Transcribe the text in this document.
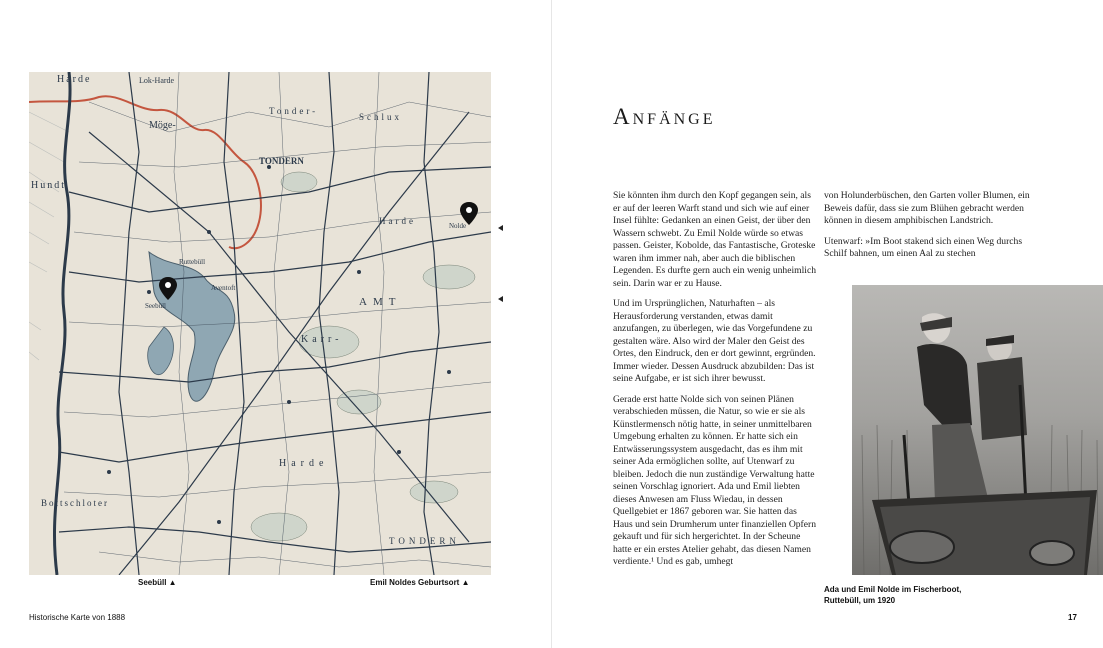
Harde	Lok-Harde
Möge-
Tonder-
Schlux
Hundt
TONDERN
Harde
AMT
Karr-
Harde
TONDERN
Bottschloter
Ruttebüll
Seebüll
Nolde
Aventoft
Seebüll ▲	Emil Noldes Geburtsort ▲
Historische Karte von 1888
Anfänge

Sie könnten ihm durch den Kopf gegangen sein, als er auf der leeren Warft stand und sich wie auf einer Insel fühlte: Gedanken an einen Geist, der über den Wassern schwebt. Zu Emil Nolde würde so etwas passen. Geister, Kobolde, das Fantastische, Groteske waren ihm immer nah, aber auch die biblischen Legenden. Es durfte gern auch ein wenig unheimlich sein. Darin war er zu Hause.

Und im Ursprünglichen, Naturhaften – als Herausforderung verstanden, etwas damit anzufangen, zu überlegen, wie das Vorgefundene zu gestalten wäre. Also wird der Maler den Geist des Ortes, den Eindruck, den er dort gewinnt, ergründen. Immer wieder. Dessen Ausdruck abzubilden: Das ist seine Aufgabe, er ist sich ihrer bewusst.

Gerade erst hatte Nolde sich von seinen Plänen verabschieden müssen, die Natur, so wie er sie als Künstlermensch nötig hatte, in seiner unmittelbaren Umgebung erhalten zu können. Er hatte sich ein Entwässerungssystem ausgedacht, das es ihm mit seiner Ada ermöglichen sollte, auf Utenwarf zu bleiben. Jedoch die nun zuständige Verwaltung hatte seinen Vorschlag ignoriert. Ada und Emil liebten dieses Anwesen am Fluss Wiedau, in dessen Quellgebiet er 1867 geboren war. Sie hatten das Haus und sein Drumherum unter finanziellen Opfern gekauft und für sich hergerichtet. In der Scheune hatte er ein erstes Atelier gehabt, das diesen Namen verdiente.¹ Und es gab, umhegt

von Holunderbüschen, den Garten voller Blumen, ein Beweis dafür, dass sie zum Blühen gebracht werden können in diesem amphibischen Landstrich.

Utenwarf: »Im Boot stakend sich einen Weg durchs Schilf bahnen, um einen Aal zu stechen

Ada und Emil Nolde im Fischerboot,
Ruttebüll, um 1920
17
